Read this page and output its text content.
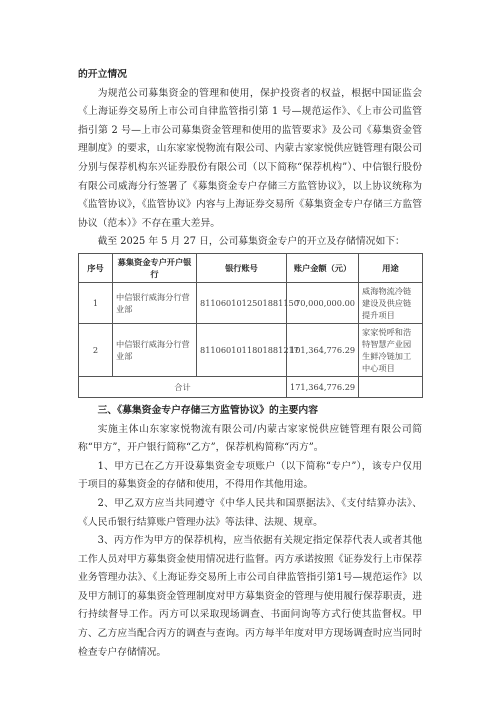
的开立情况

为规范公司募集资金的管理和使用，保护投资者的权益，根据中国证监会《上海证券交易所上市公司自律监管指引第 1 号—规范运作》、《上市公司监管指引第 2 号—上市公司募集资金管理和使用的监管要求》及公司《募集资金管理制度》的要求，山东家家悦物流有限公司、内蒙古家家悦供应链管理有限公司分别与保荐机构东兴证券股份有限公司（以下简称“保荐机构”）、中信银行股份有限公司威海分行签署了《募集资金专户存储三方监管协议》，以上协议统称为《监管协议》，《监管协议》内容与上海证券交易所《募集资金专户存储三方监管协议（范本）》不存在重大差异。

截至 2025 年 5 月 27 日，公司募集资金专户的开立及存储情况如下：

序号	募集资金专户开户银行	银行账号	账户金额（元）	用途
1	中信银行威海分行营业部	8110601012501881150	70,000,000.00	威海物流冷链建设及供应链提升项目
2	中信银行威海分行营业部	8110601011801881217	101,364,776.29	家家悦呼和浩特智慧产业园生鲜冷链加工中心项目
合计			171,364,776.29	

三、《募集资金专户存储三方监管协议》的主要内容

实施主体山东家家悦物流有限公司/内蒙古家家悦供应链管理有限公司简称“甲方”，开户银行简称“乙方”，保荐机构简称“丙方”。

1、甲方已在乙方开设募集资金专项账户（以下简称“专户”），该专户仅用于项目的募集资金的存储和使用，不得用作其他用途。

2、甲乙双方应当共同遵守《中华人民共和国票据法》、《支付结算办法》、《人民币银行结算账户管理办法》等法律、法规、规章。

3、丙方作为甲方的保荐机构，应当依据有关规定指定保荐代表人或者其他工作人员对甲方募集资金使用情况进行监督。丙方承诺按照《证券发行上市保荐业务管理办法》、《上海证券交易所上市公司自律监管指引第1号—规范运作》以及甲方制订的募集资金管理制度对甲方募集资金的管理与使用履行保荐职责，进行持续督导工作。丙方可以采取现场调查、书面问询等方式行使其监督权。甲方、乙方应当配合丙方的调查与查询。丙方每半年度对甲方现场调查时应当同时检查专户存储情况。
